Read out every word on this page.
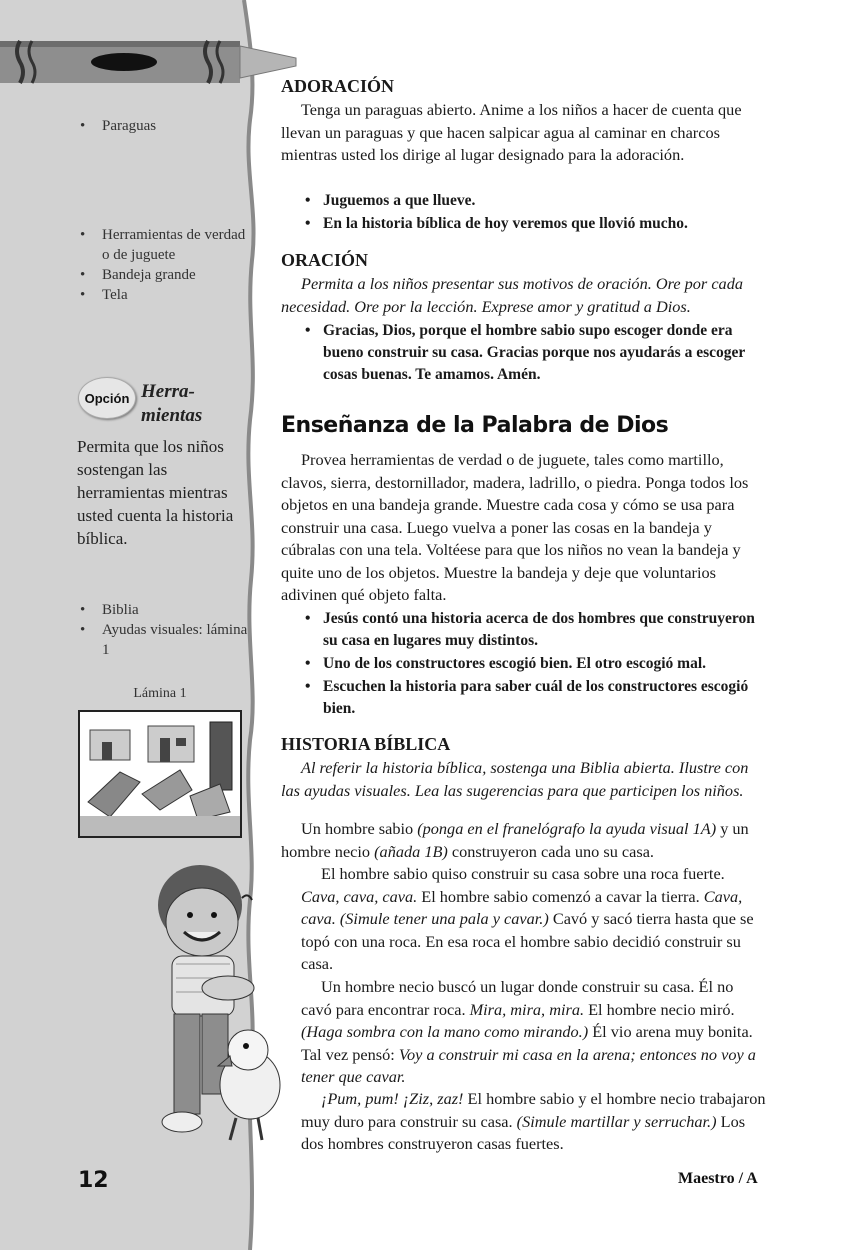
• Paraguas
• Herramientas de verdad o de juguete
• Bandeja grande
• Tela
Opción Herra-
mientas
Permita que los niños sostengan las herramientas mientras usted cuenta la historia bíblica.
• Biblia
• Ayudas visuales: lámina 1
Lámina 1
ADORACIÓN

Tenga un paraguas abierto. Anime a los niños a hacer de cuenta que llevan un paraguas y que hacen salpicar agua al caminar en charcos mientras usted los dirige al lugar designado para la adoración.

• Juguemos a que llueve.
• En la historia bíblica de hoy veremos que llovió mucho.
ORACIÓN

Permita a los niños presentar sus motivos de oración. Ore por cada necesidad. Ore por la lección. Exprese amor y gratitud a Dios.

• Gracias, Dios, porque el hombre sabio supo escoger donde era bueno construir su casa. Gracias porque nos ayudarás a escoger cosas buenas. Te amamos. Amén.
Enseñanza de la Palabra de Dios

Provea herramientas de verdad o de juguete, tales como martillo, clavos, sierra, destornillador, madera, ladrillo, o piedra. Ponga todos los objetos en una bandeja grande. Muestre cada cosa y cómo se usa para construir una casa. Luego vuelva a poner las cosas en la bandeja y cúbralas con una tela. Voltéese para que los niños no vean la bandeja y quite uno de los objetos. Muestre la bandeja y deje que voluntarios adivinen qué objeto falta.

• Jesús contó una historia acerca de dos hombres que construyeron su casa en lugares muy distintos.
• Uno de los constructores escogió bien. El otro escogió mal.
• Escuchen la historia para saber cuál de los constructores escogió bien.
HISTORIA BÍBLICA

Al referir la historia bíblica, sostenga una Biblia abierta. Ilustre con las ayudas visuales. Lea las sugerencias para que participen los niños.

Un hombre sabio (ponga en el franelógrafo la ayuda visual 1A) y un hombre necio (añada 1B) construyeron cada uno su casa.

El hombre sabio quiso construir su casa sobre una roca fuerte. Cava, cava, cava. El hombre sabio comenzó a cavar la tierra. Cava, cava. (Simule tener una pala y cavar.) Cavó y sacó tierra hasta que se topó con una roca. En esa roca el hombre sabio decidió construir su casa.

Un hombre necio buscó un lugar donde construir su casa. Él no cavó para encontrar roca. Mira, mira, mira. El hombre necio miró. (Haga sombra con la mano como mirando.) Él vio arena muy bonita. Tal vez pensó: Voy a construir mi casa en la arena; entonces no voy a tener que cavar.

¡Pum, pum! ¡Ziz, zaz! El hombre sabio y el hombre necio trabajaron muy duro para construir su casa. (Simule martillar y serruchar.) Los dos hombres construyeron casas fuertes.

12	Maestro / A
